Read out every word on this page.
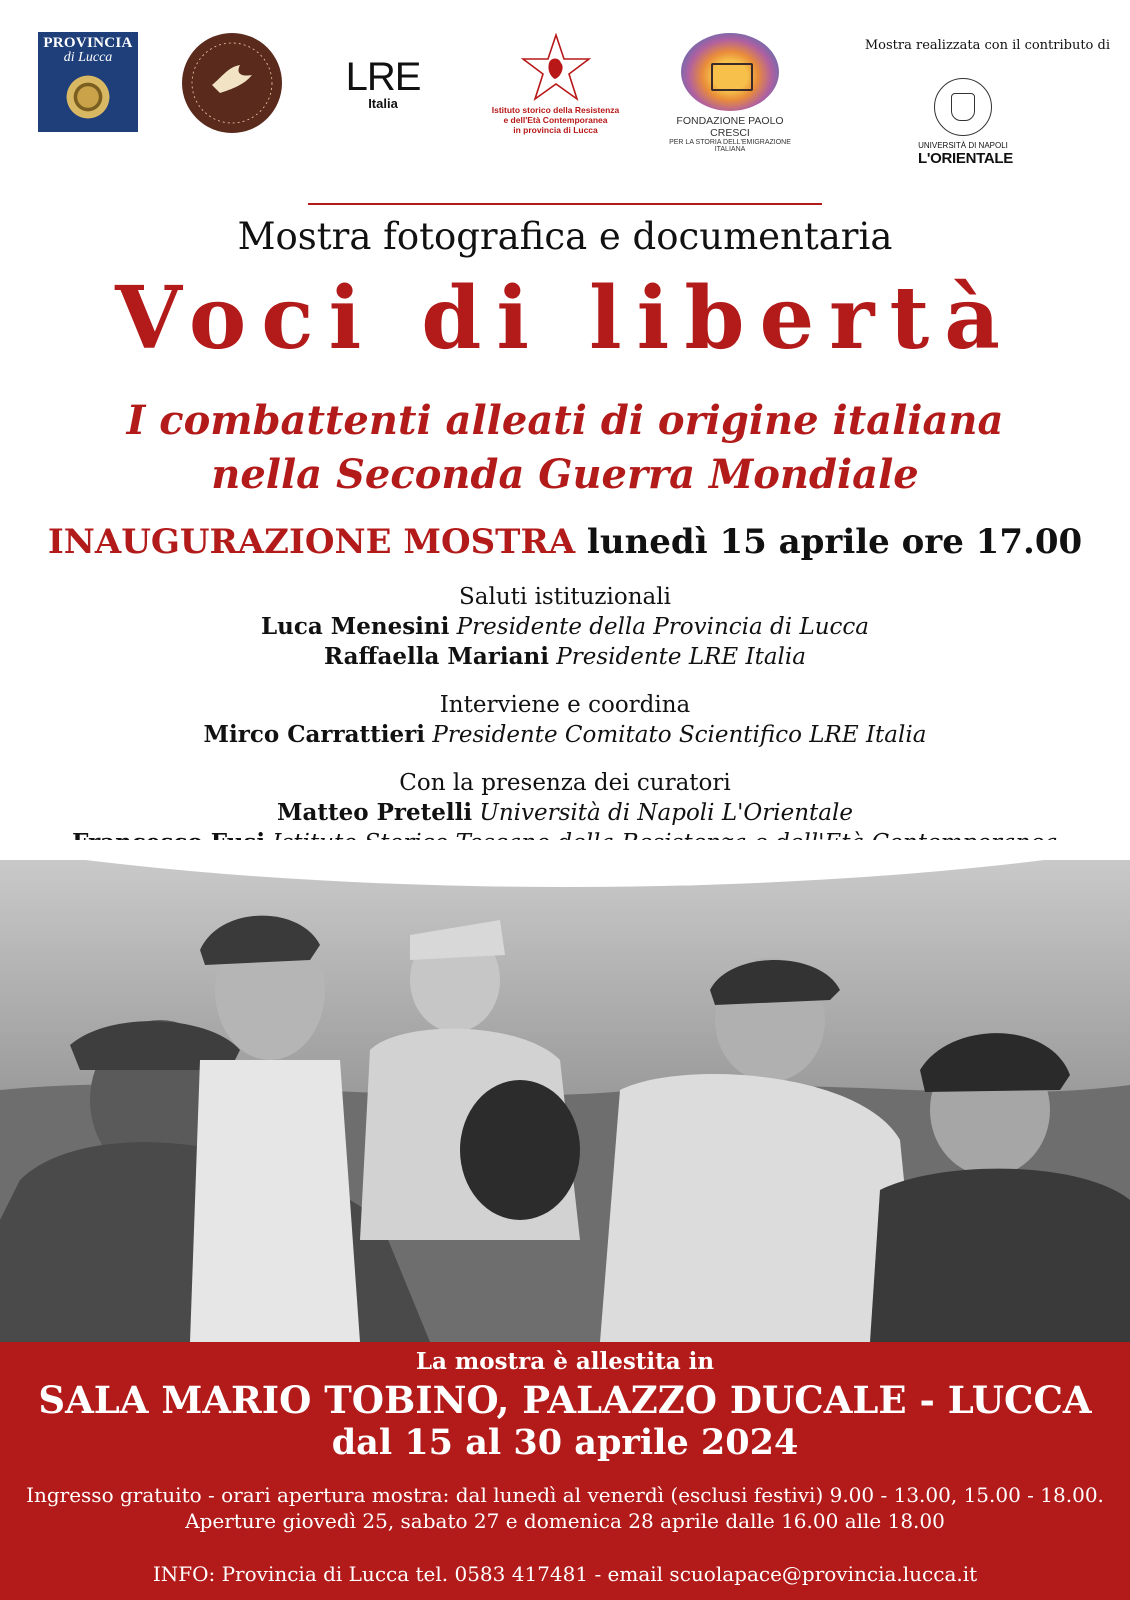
PROVINCIA
di Lucca	LRE
Italia	Istituto storico della Resistenza
e dell'Età Contemporanea
in provincia di Lucca
FONDAZIONE PAOLO CRESCI
PER LA STORIA DELL'EMIGRAZIONE ITALIANA
Mostra realizzata con il contributo di
UNIVERSITÀ DI NAPOLI
L'ORIENTALE
Mostra fotografica e documentaria
Voci di libertà
I combattenti alleati di origine italiana
nella Seconda Guerra Mondiale
INAUGURAZIONE MOSTRA lunedì 15 aprile ore 17.00
Saluti istituzionali
Luca Menesini Presidente della Provincia di Lucca
Raffaella Mariani Presidente LRE Italia
Interviene e coordina
Mirco Carrattieri Presidente Comitato Scientifico LRE Italia
Con la presenza dei curatori
Matteo Pretelli Università di Napoli L'Orientale
La mostra è allestita in
SALA MARIO TOBINO, PALAZZO DUCALE - LUCCA
dal 15 al 30 aprile 2024
Ingresso gratuito - orari apertura mostra: dal lunedì al venerdì (esclusi festivi) 9.00 - 13.00, 15.00 - 18.00.
Aperture giovedì 25, sabato 27 e domenica 28 aprile dalle 16.00 alle 18.00
INFO: Provincia di Lucca tel. 0583 417481 - email scuolapace@provincia.lucca.it
